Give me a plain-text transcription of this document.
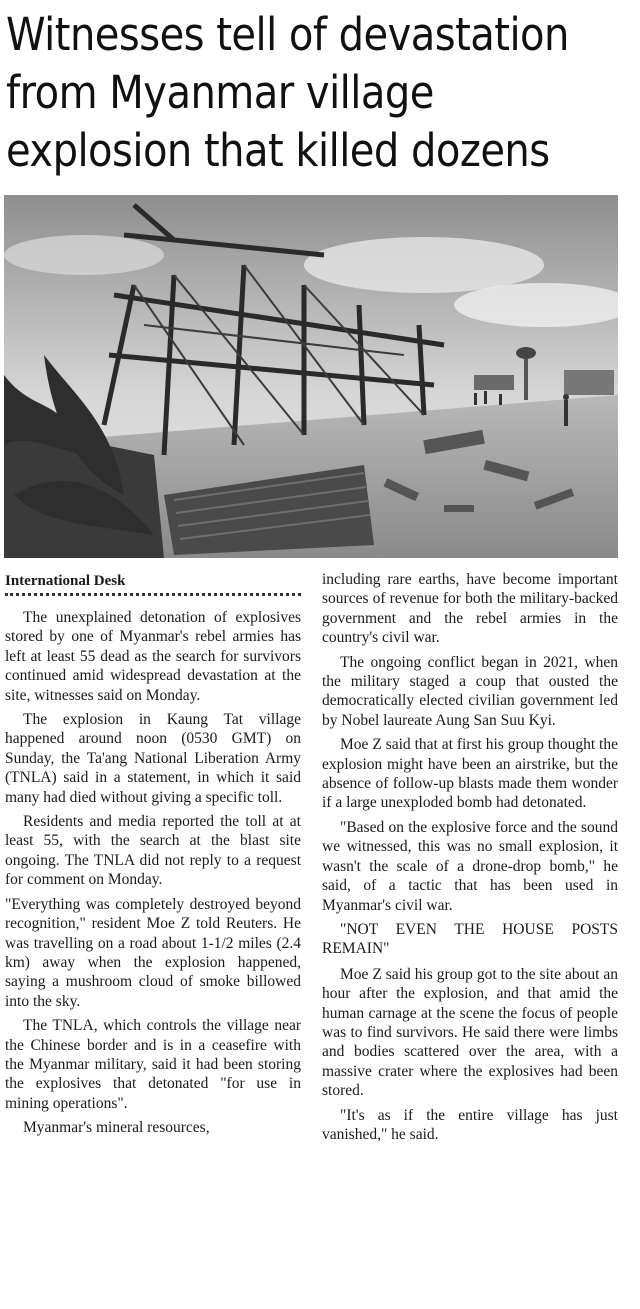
Witnesses tell of devastation
from Myanmar village
explosion that killed dozens
International Desk

The unexplained detonation of explosives stored by one of Myanmar's rebel armies has left at least 55 dead as the search for survivors continued amid widespread devastation at the site, witnesses said on Monday.

The explosion in Kaung Tat village happened around noon (0530 GMT) on Sunday, the Ta'ang National Liberation Army (TNLA) said in a statement, in which it said many had died without giving a specific toll.

Residents and media reported the toll at at least 55, with the search at the blast site ongoing. The TNLA did not reply to a request for comment on Monday.

"Everything was completely destroyed beyond recognition," resident Moe Z told Reuters. He was travelling on a road about 1-1/2 miles (2.4 km) away when the explosion happened, saying a mushroom cloud of smoke billowed into the sky.

The TNLA, which controls the village near the Chinese border and is in a ceasefire with the Myanmar military, said it had been storing the explosives that detonated "for use in mining operations".

Myanmar's mineral resources,

including rare earths, have become important sources of revenue for both the military-backed government and the rebel armies in the country's civil war.

The ongoing conflict began in 2021, when the military staged a coup that ousted the democratically elected civilian government led by Nobel laureate Aung San Suu Kyi.

Moe Z said that at first his group thought the explosion might have been an airstrike, but the absence of follow-up blasts made them wonder if a large unexploded bomb had detonated.

"Based on the explosive force and the sound we witnessed, this was no small explosion, it wasn't the scale of a drone-drop bomb," he said, of a tactic that has been used in Myanmar's civil war.

"NOT EVEN THE HOUSE POSTS REMAIN"

Moe Z said his group got to the site about an hour after the explosion, and that amid the human carnage at the scene the focus of people was to find survivors. He said there were limbs and bodies scattered over the area, with a massive crater where the explosives had been stored.

"It's as if the entire village has just vanished," he said.
